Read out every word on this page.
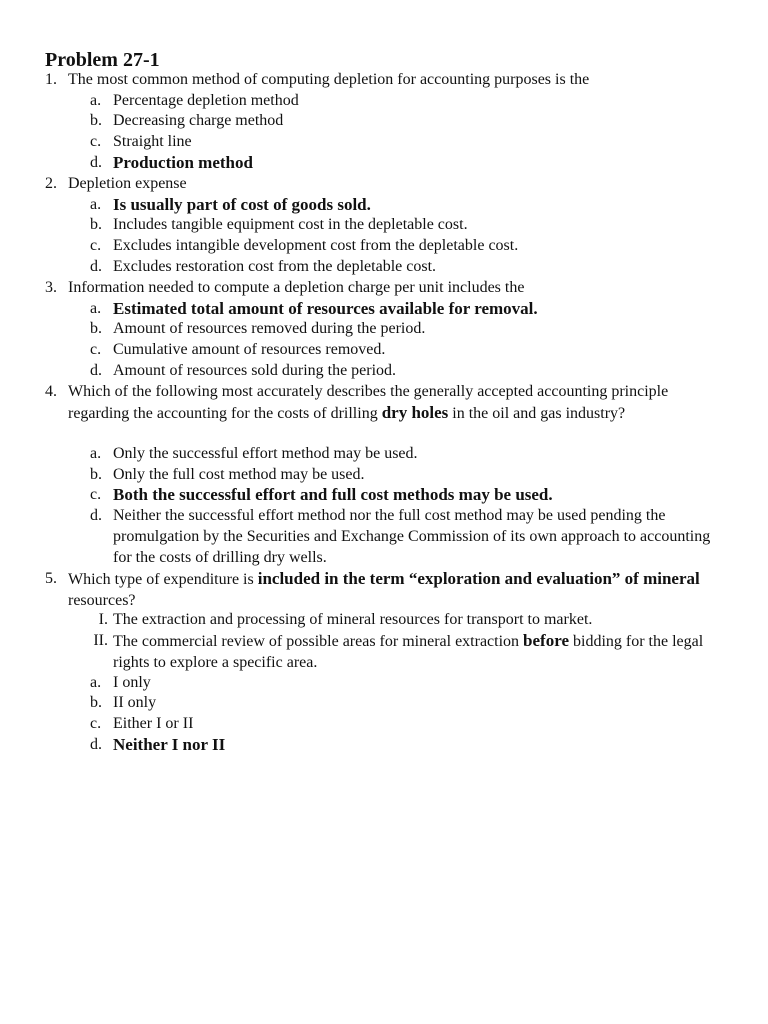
Problem 27-1
1. The most common method of computing depletion for accounting purposes is the
a. Percentage depletion method
b. Decreasing charge method
c. Straight line
d. Production method
2. Depletion expense
a. Is usually part of cost of goods sold.
b. Includes tangible equipment cost in the depletable cost.
c. Excludes intangible development cost from the depletable cost.
d. Excludes restoration cost from the depletable cost.
3. Information needed to compute a depletion charge per unit includes the
a. Estimated total amount of resources available for removal.
b. Amount of resources removed during the period.
c. Cumulative amount of resources removed.
d. Amount of resources sold during the period.
4. Which of the following most accurately describes the generally accepted accounting principle regarding the accounting for the costs of drilling dry holes in the oil and gas industry?
a. Only the successful effort method may be used.
b. Only the full cost method may be used.
c. Both the successful effort and full cost methods may be used.
d. Neither the successful effort method nor the full cost method may be used pending the promulgation by the Securities and Exchange Commission of its own approach to accounting for the costs of drilling dry wells.
5. Which type of expenditure is included in the term “exploration and evaluation” of mineral resources?
I. The extraction and processing of mineral resources for transport to market.
II. The commercial review of possible areas for mineral extraction before bidding for the legal rights to explore a specific area.
a. I only
b. II only
c. Either I or II
d. Neither I nor II
